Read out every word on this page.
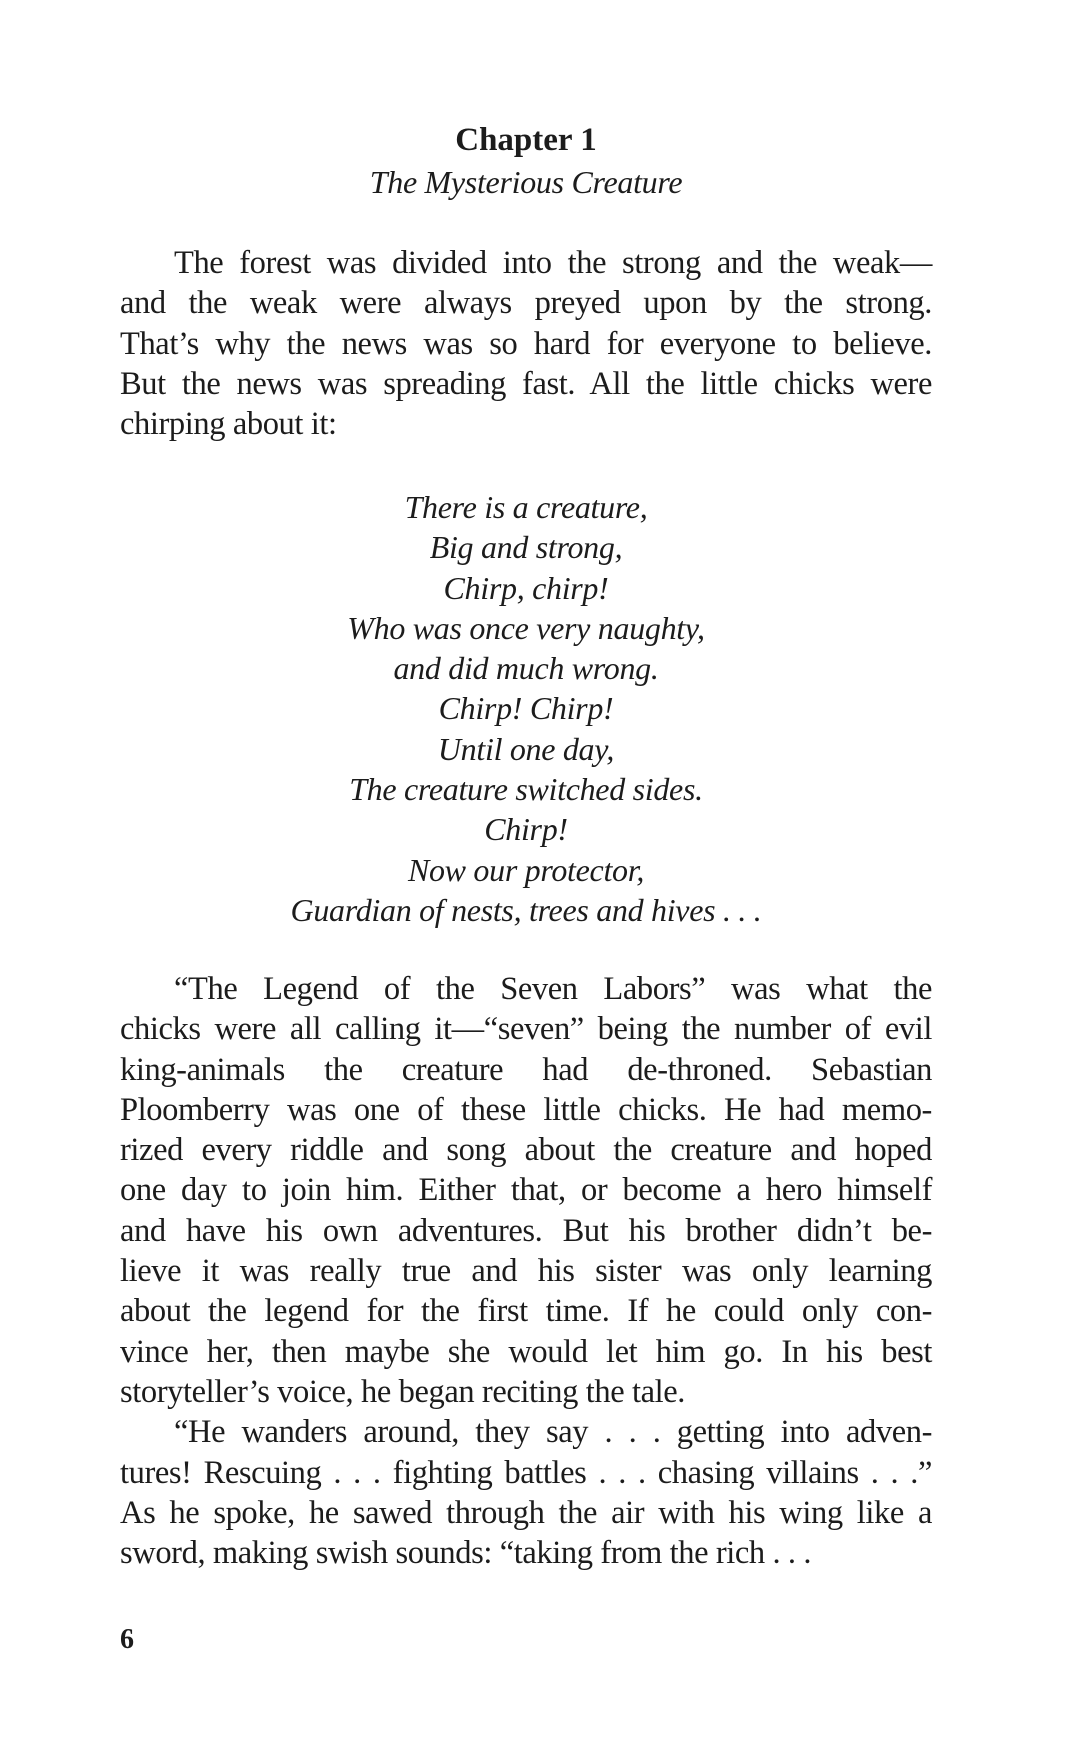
Chapter 1
The Mysterious Creature

The forest was divided into the strong and the weak—
and the weak were always preyed upon by the strong.
That’s why the news was so hard for everyone to believe.
But the news was spreading fast. All the little chicks were
chirping about it:

There is a creature,
Big and strong,
Chirp, chirp!
Who was once very naughty,
and did much wrong.
Chirp! Chirp!
Until one day,
The creature switched sides.
Chirp!
Now our protector,
Guardian of nests, trees and hives . . .

“The Legend of the Seven Labors” was what the
chicks were all calling it—“seven” being the number of evil
king-animals the creature had de-throned. Sebastian
Ploomberry was one of these little chicks. He had memo-
rized every riddle and song about the creature and hoped
one day to join him. Either that, or become a hero himself
and have his own adventures. But his brother didn’t be-
lieve it was really true and his sister was only learning
about the legend for the first time. If he could only con-
vince her, then maybe she would let him go. In his best
storyteller’s voice, he began reciting the tale.

“He wanders around, they say . . . getting into adven-
tures! Rescuing . . . fighting battles . . . chasing villains . . .”
As he spoke, he sawed through the air with his wing like a
sword, making swish sounds: “taking from the rich . . .

6
